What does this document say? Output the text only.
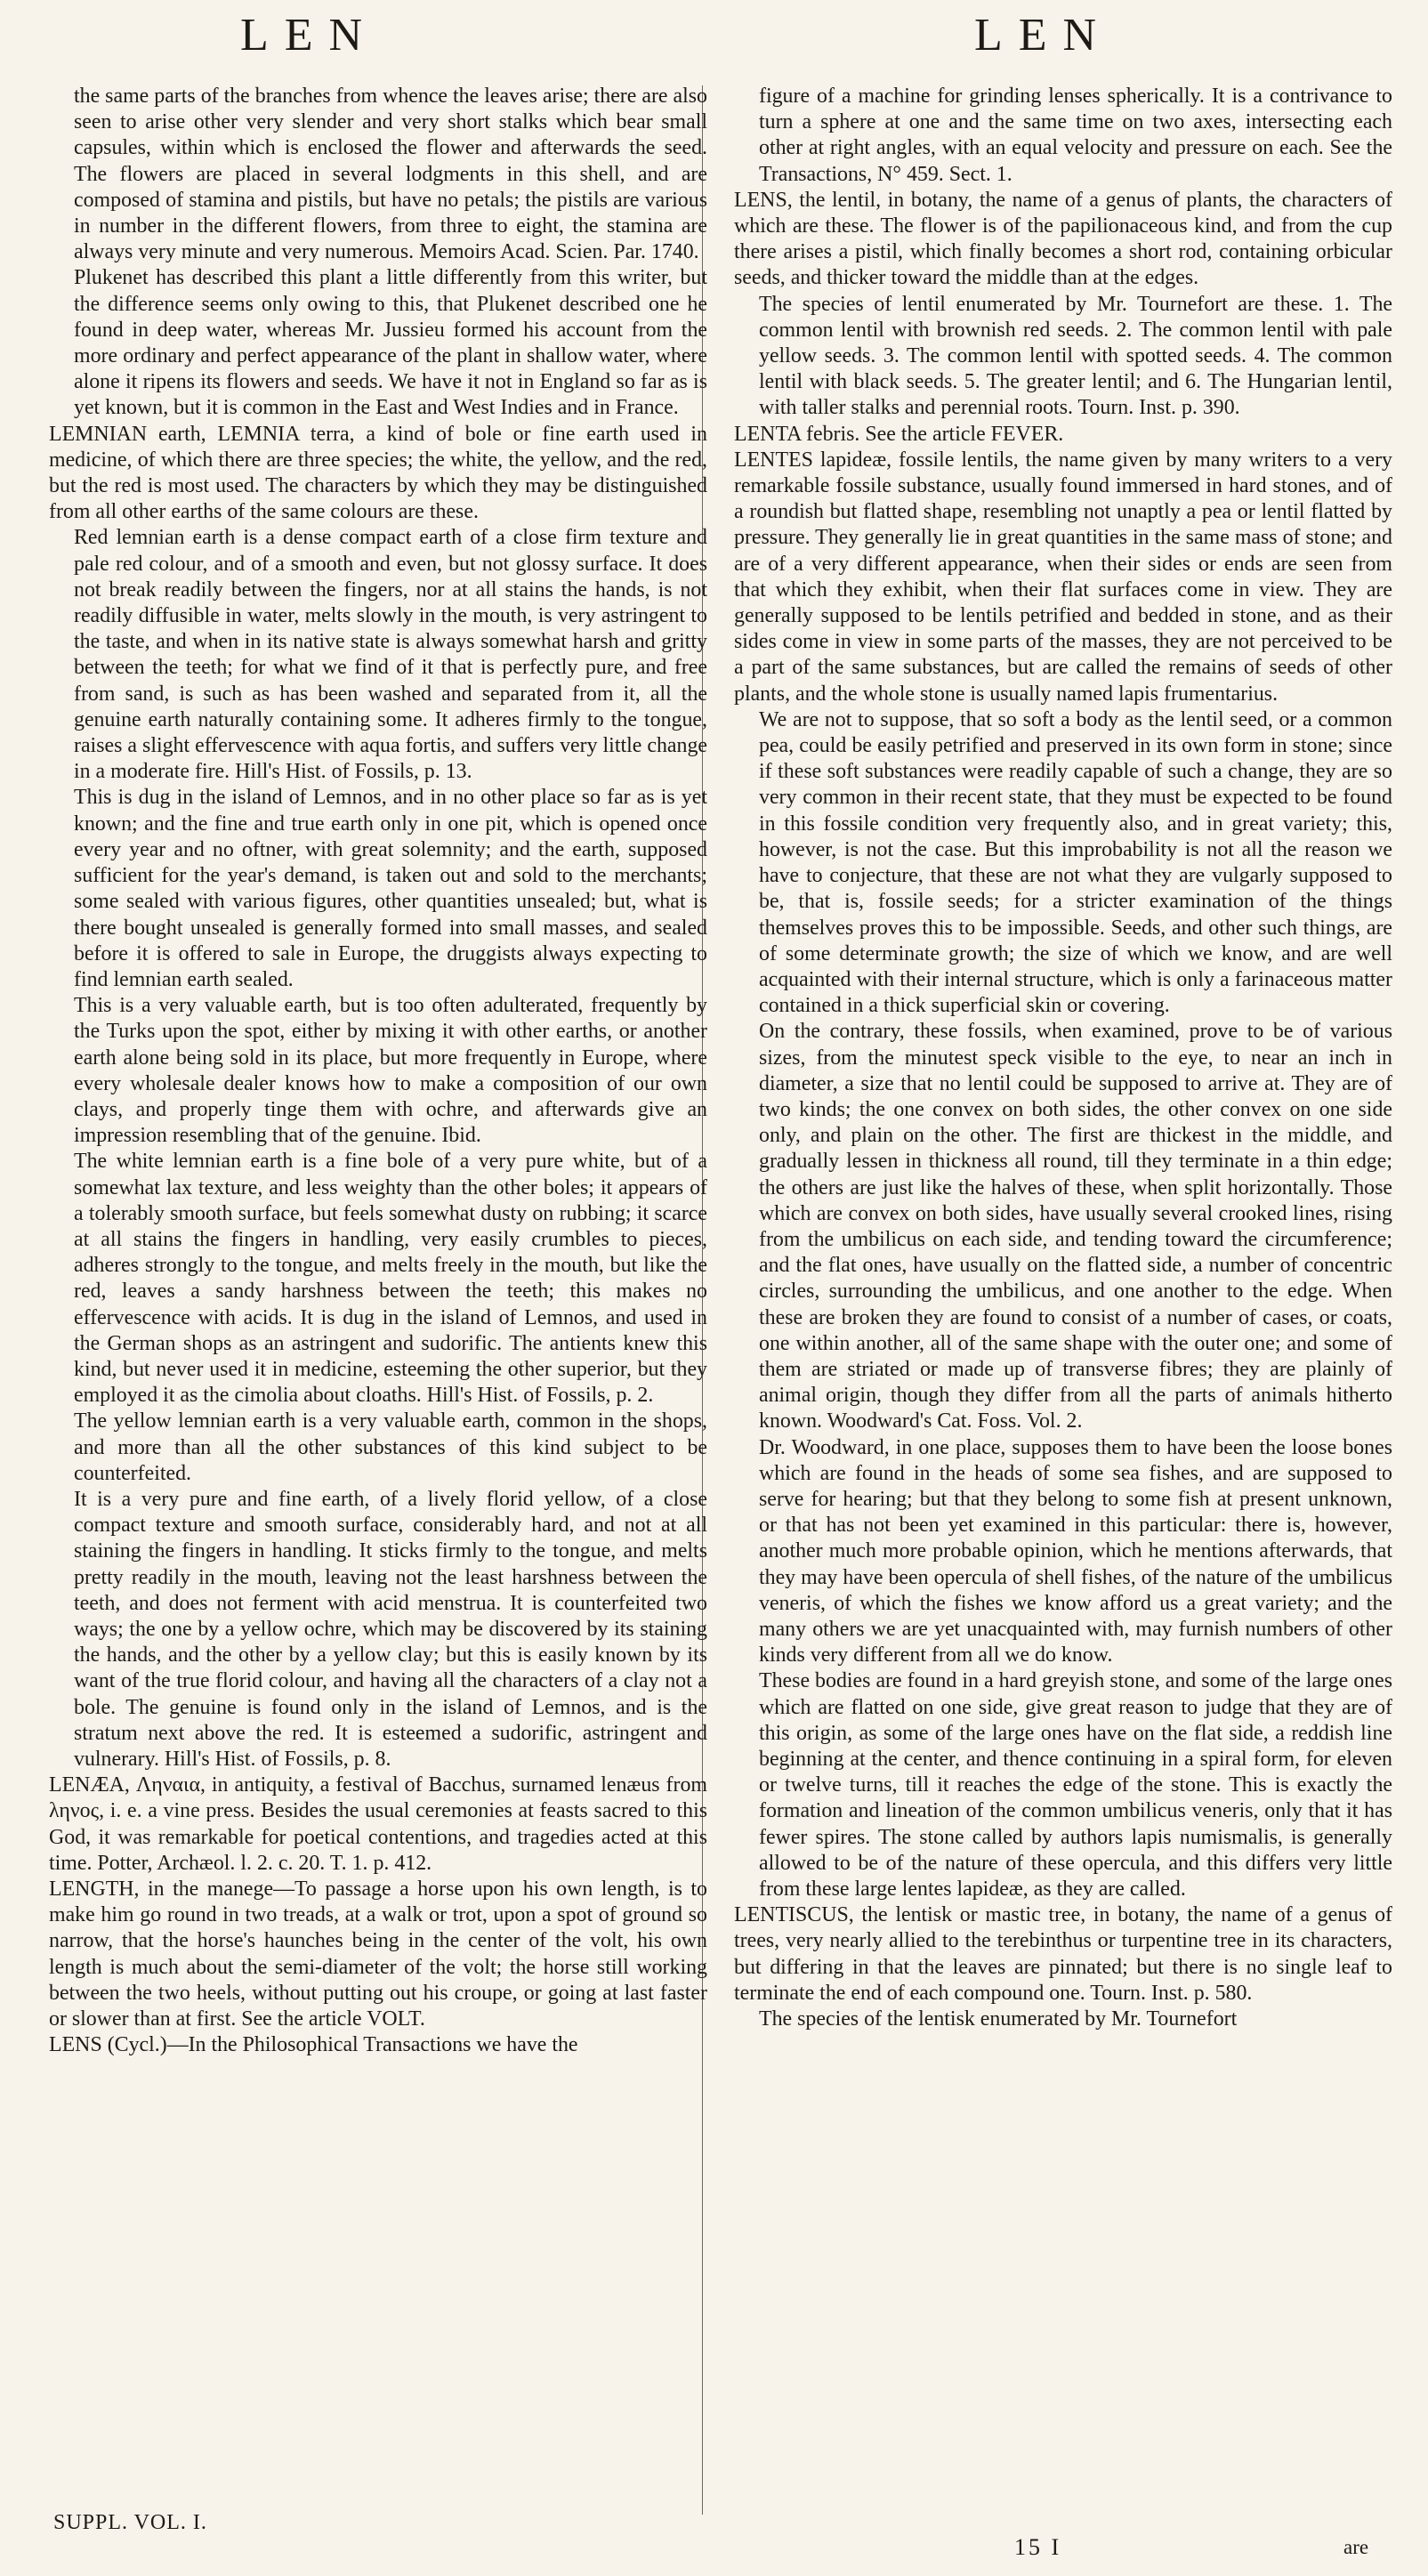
LEN	LEN

the same parts of the branches from whence the leaves arise; there are also seen to arise other very slender and very short stalks which bear small capsules, within which is enclosed the flower and afterwards the seed. The flowers are placed in several lodgments in this shell, and are composed of stamina and pistils, but have no petals; the pistils are various in number in the different flowers, from three to eight, the stamina are always very minute and very numerous. Memoirs Acad. Scien. Par. 1740.

Plukenet has described this plant a little differently from this writer, but the difference seems only owing to this, that Plukenet described one he found in deep water, whereas Mr. Jussieu formed his account from the more ordinary and perfect appearance of the plant in shallow water, where alone it ripens its flowers and seeds. We have it not in England so far as is yet known, but it is common in the East and West Indies and in France.

LEMNIAN earth, LEMNIA terra, a kind of bole or fine earth used in medicine, of which there are three species; the white, the yellow, and the red, but the red is most used. The characters by which they may be distinguished from all other earths of the same colours are these.

Red lemnian earth is a dense compact earth of a close firm texture and pale red colour, and of a smooth and even, but not glossy surface. It does not break readily between the fingers, nor at all stains the hands, is not readily diffusible in water, melts slowly in the mouth, is very astringent to the taste, and when in its native state is always somewhat harsh and gritty between the teeth; for what we find of it that is perfectly pure, and free from sand, is such as has been washed and separated from it, all the genuine earth naturally containing some. It adheres firmly to the tongue, raises a slight effervescence with aqua fortis, and suffers very little change in a moderate fire. Hill's Hist. of Fossils, p. 13.

This is dug in the island of Lemnos, and in no other place so far as is yet known; and the fine and true earth only in one pit, which is opened once every year and no oftner, with great solemnity; and the earth, supposed sufficient for the year's demand, is taken out and sold to the merchants; some sealed with various figures, other quantities unsealed; but, what is there bought unsealed is generally formed into small masses, and sealed before it is offered to sale in Europe, the druggists always expecting to find lemnian earth sealed.

This is a very valuable earth, but is too often adulterated, frequently by the Turks upon the spot, either by mixing it with other earths, or another earth alone being sold in its place, but more frequently in Europe, where every wholesale dealer knows how to make a composition of our own clays, and properly tinge them with ochre, and afterwards give an impression resembling that of the genuine. Ibid.

The white lemnian earth is a fine bole of a very pure white, but of a somewhat lax texture, and less weighty than the other boles; it appears of a tolerably smooth surface, but feels somewhat dusty on rubbing; it scarce at all stains the fingers in handling, very easily crumbles to pieces, adheres strongly to the tongue, and melts freely in the mouth, but like the red, leaves a sandy harshness between the teeth; this makes no effervescence with acids. It is dug in the island of Lemnos, and used in the German shops as an astringent and sudorific. The antients knew this kind, but never used it in medicine, esteeming the other superior, but they employed it as the cimolia about cloaths. Hill's Hist. of Fossils, p. 2.

The yellow lemnian earth is a very valuable earth, common in the shops, and more than all the other substances of this kind subject to be counterfeited.

It is a very pure and fine earth, of a lively florid yellow, of a close compact texture and smooth surface, considerably hard, and not at all staining the fingers in handling. It sticks firmly to the tongue, and melts pretty readily in the mouth, leaving not the least harshness between the teeth, and does not ferment with acid menstrua. It is counterfeited two ways; the one by a yellow ochre, which may be discovered by its staining the hands, and the other by a yellow clay; but this is easily known by its want of the true florid colour, and having all the characters of a clay not a bole. The genuine is found only in the island of Lemnos, and is the stratum next above the red. It is esteemed a sudorific, astringent and vulnerary. Hill's Hist. of Fossils, p. 8.

LENÆA, Ληναια, in antiquity, a festival of Bacchus, surnamed lenæus from ληνος, i. e. a vine press. Besides the usual ceremonies at feasts sacred to this God, it was remarkable for poetical contentions, and tragedies acted at this time. Potter, Archæol. l. 2. c. 20. T. 1. p. 412.

LENGTH, in the manege—To passage a horse upon his own length, is to make him go round in two treads, at a walk or trot, upon a spot of ground so narrow, that the horse's haunches being in the center of the volt, his own length is much about the semi-diameter of the volt; the horse still working between the two heels, without putting out his croupe, or going at last faster or slower than at first. See the article VOLT.

LENS (Cycl.)—In the Philosophical Transactions we have the

figure of a machine for grinding lenses spherically. It is a contrivance to turn a sphere at one and the same time on two axes, intersecting each other at right angles, with an equal velocity and pressure on each. See the Transactions, N° 459. Sect. 1.

LENS, the lentil, in botany, the name of a genus of plants, the characters of which are these. The flower is of the papilionaceous kind, and from the cup there arises a pistil, which finally becomes a short rod, containing orbicular seeds, and thicker toward the middle than at the edges.

The species of lentil enumerated by Mr. Tournefort are these. 1. The common lentil with brownish red seeds. 2. The common lentil with pale yellow seeds. 3. The common lentil with spotted seeds. 4. The common lentil with black seeds. 5. The greater lentil; and 6. The Hungarian lentil, with taller stalks and perennial roots. Tourn. Inst. p. 390.

LENTA febris. See the article FEVER.

LENTES lapideæ, fossile lentils, the name given by many writers to a very remarkable fossile substance, usually found immersed in hard stones, and of a roundish but flatted shape, resembling not unaptly a pea or lentil flatted by pressure. They generally lie in great quantities in the same mass of stone; and are of a very different appearance, when their sides or ends are seen from that which they exhibit, when their flat surfaces come in view. They are generally supposed to be lentils petrified and bedded in stone, and as their sides come in view in some parts of the masses, they are not perceived to be a part of the same substances, but are called the remains of seeds of other plants, and the whole stone is usually named lapis frumentarius.

We are not to suppose, that so soft a body as the lentil seed, or a common pea, could be easily petrified and preserved in its own form in stone; since if these soft substances were readily capable of such a change, they are so very common in their recent state, that they must be expected to be found in this fossile condition very frequently also, and in great variety; this, however, is not the case. But this improbability is not all the reason we have to conjecture, that these are not what they are vulgarly supposed to be, that is, fossile seeds; for a stricter examination of the things themselves proves this to be impossible. Seeds, and other such things, are of some determinate growth; the size of which we know, and are well acquainted with their internal structure, which is only a farinaceous matter contained in a thick superficial skin or covering.

On the contrary, these fossils, when examined, prove to be of various sizes, from the minutest speck visible to the eye, to near an inch in diameter, a size that no lentil could be supposed to arrive at. They are of two kinds; the one convex on both sides, the other convex on one side only, and plain on the other. The first are thickest in the middle, and gradually lessen in thickness all round, till they terminate in a thin edge; the others are just like the halves of these, when split horizontally. Those which are convex on both sides, have usually several crooked lines, rising from the umbilicus on each side, and tending toward the circumference; and the flat ones, have usually on the flatted side, a number of concentric circles, surrounding the umbilicus, and one another to the edge. When these are broken they are found to consist of a number of cases, or coats, one within another, all of the same shape with the outer one; and some of them are striated or made up of transverse fibres; they are plainly of animal origin, though they differ from all the parts of animals hitherto known. Woodward's Cat. Foss. Vol. 2.

Dr. Woodward, in one place, supposes them to have been the loose bones which are found in the heads of some sea fishes, and are supposed to serve for hearing; but that they belong to some fish at present unknown, or that has not been yet examined in this particular: there is, however, another much more probable opinion, which he mentions afterwards, that they may have been opercula of shell fishes, of the nature of the umbilicus veneris, of which the fishes we know afford us a great variety; and the many others we are yet unacquainted with, may furnish numbers of other kinds very different from all we do know.

These bodies are found in a hard greyish stone, and some of the large ones which are flatted on one side, give great reason to judge that they are of this origin, as some of the large ones have on the flat side, a reddish line beginning at the center, and thence continuing in a spiral form, for eleven or twelve turns, till it reaches the edge of the stone. This is exactly the formation and lineation of the common umbilicus veneris, only that it has fewer spires. The stone called by authors lapis numismalis, is generally allowed to be of the nature of these opercula, and this differs very little from these large lentes lapideæ, as they are called.

LENTISCUS, the lentisk or mastic tree, in botany, the name of a genus of trees, very nearly allied to the terebinthus or turpentine tree in its characters, but differing in that the leaves are pinnated; but there is no single leaf to terminate the end of each compound one. Tourn. Inst. p. 580.

The species of the lentisk enumerated by Mr. Tournefort

SUPPL. VOL. I.
15 I	are
